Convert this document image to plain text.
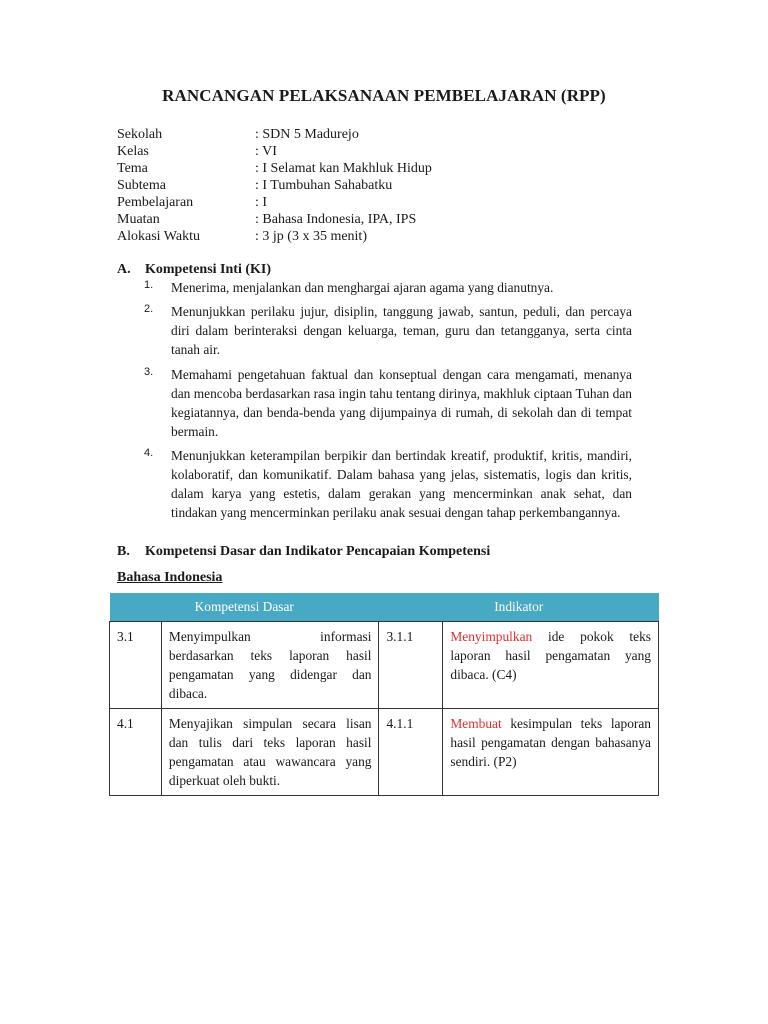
RANCANGAN PELAKSANAAN PEMBELAJARAN (RPP)
Sekolah	: SDN 5 Madurejo
Kelas	: VI
Tema	: I Selamat kan Makhluk Hidup
Subtema	: I Tumbuhan Sahabatku
Pembelajaran	: I
Muatan	: Bahasa Indonesia, IPA, IPS
Alokasi Waktu	: 3 jp (3 x 35 menit)
A. Kompetensi Inti (KI)
1. Menerima, menjalankan dan menghargai ajaran agama yang dianutnya.
2. Menunjukkan perilaku jujur, disiplin, tanggung jawab, santun, peduli, dan percaya diri dalam berinteraksi dengan keluarga, teman, guru dan tetangganya, serta cinta tanah air.
3. Memahami pengetahuan faktual dan konseptual dengan cara mengamati, menanya dan mencoba berdasarkan rasa ingin tahu tentang dirinya, makhluk ciptaan Tuhan dan kegiatannya, dan benda-benda yang dijumpainya di rumah, di sekolah dan di tempat bermain.
4. Menunjukkan keterampilan berpikir dan bertindak kreatif, produktif, kritis, mandiri, kolaboratif, dan komunikatif. Dalam bahasa yang jelas, sistematis, logis dan kritis, dalam karya yang estetis, dalam gerakan yang mencerminkan anak sehat, dan tindakan yang mencerminkan perilaku anak sesuai dengan tahap perkembangannya.
B. Kompetensi Dasar dan Indikator Pencapaian Kompetensi
Bahasa Indonesia
Kompetensi Dasar		Indikator	
3.1	Menyimpulkan informasi berdasarkan teks laporan hasil pengamatan yang didengar dan dibaca.	3.1.1	Menyimpulkan ide pokok teks laporan hasil pengamatan yang dibaca. (C4)
4.1	Menyajikan simpulan secara lisan dan tulis dari teks laporan hasil pengamatan atau wawancara yang diperkuat oleh bukti.	4.1.1	Membuat kesimpulan teks laporan hasil pengamatan dengan bahasanya sendiri. (P2)
